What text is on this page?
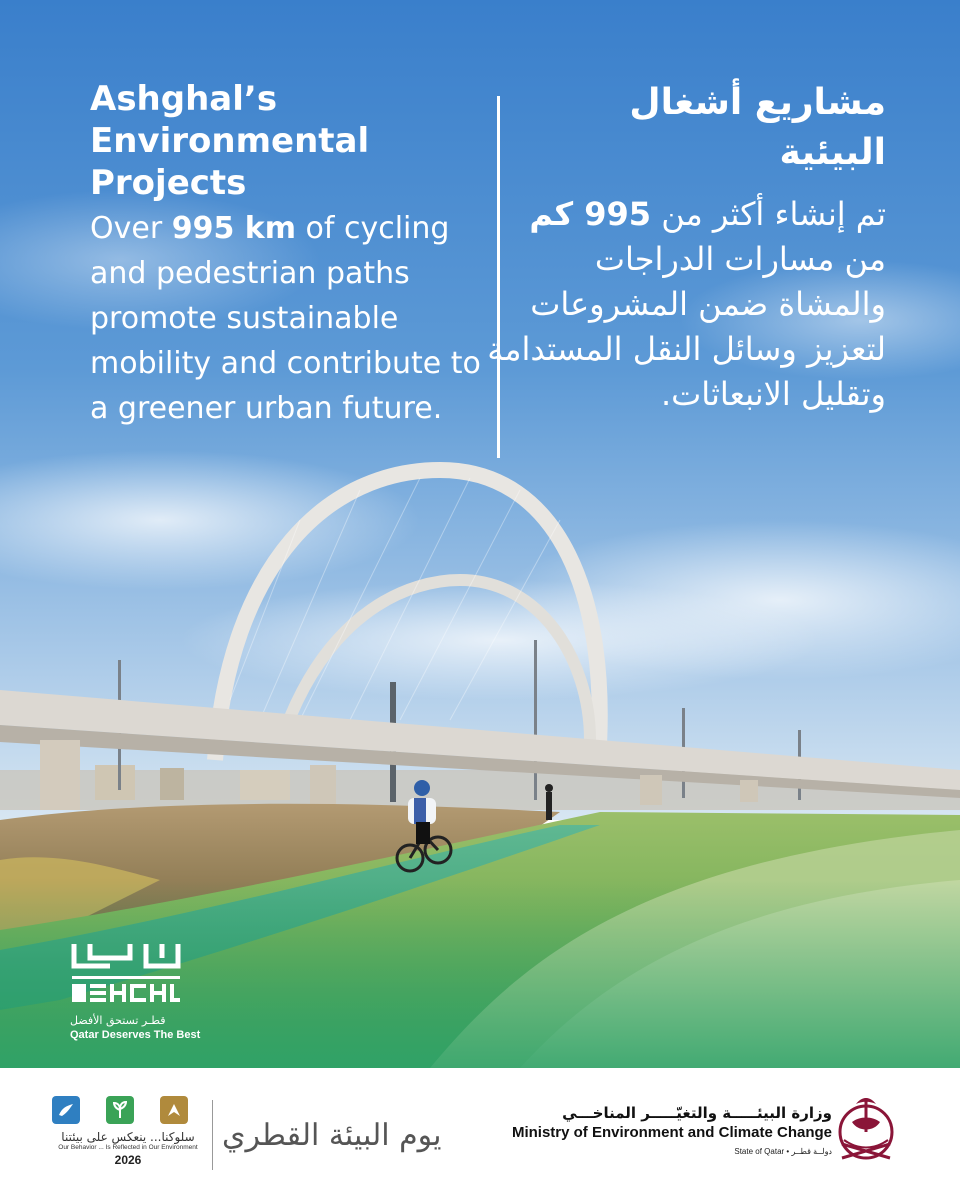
Ashghal’s
Environmental
Projects

Over 995 km of cycling and pedestrian paths promote sustainable mobility and contribute to a greener urban future.

مشاريع أشغال
البيئية

تم إنشاء أكثر من 995 كم من مسارات الدراجات والمشاة ضمن المشروعات لتعزيز وسائل النقل المستدامة وتقليل الانبعاثات.

قطـر تستحق الأفضل
Qatar Deserves The Best
سلوكنا... ينعكس على بيئتنا
Our Behavior ... Is Reflected in Our Environment
2026
يوم البيئة القطري
وزارة البيئـــــة والتغيّـــــر المناخـــي
Ministry of Environment and Climate Change
State of Qatar • دولــة قطــر
